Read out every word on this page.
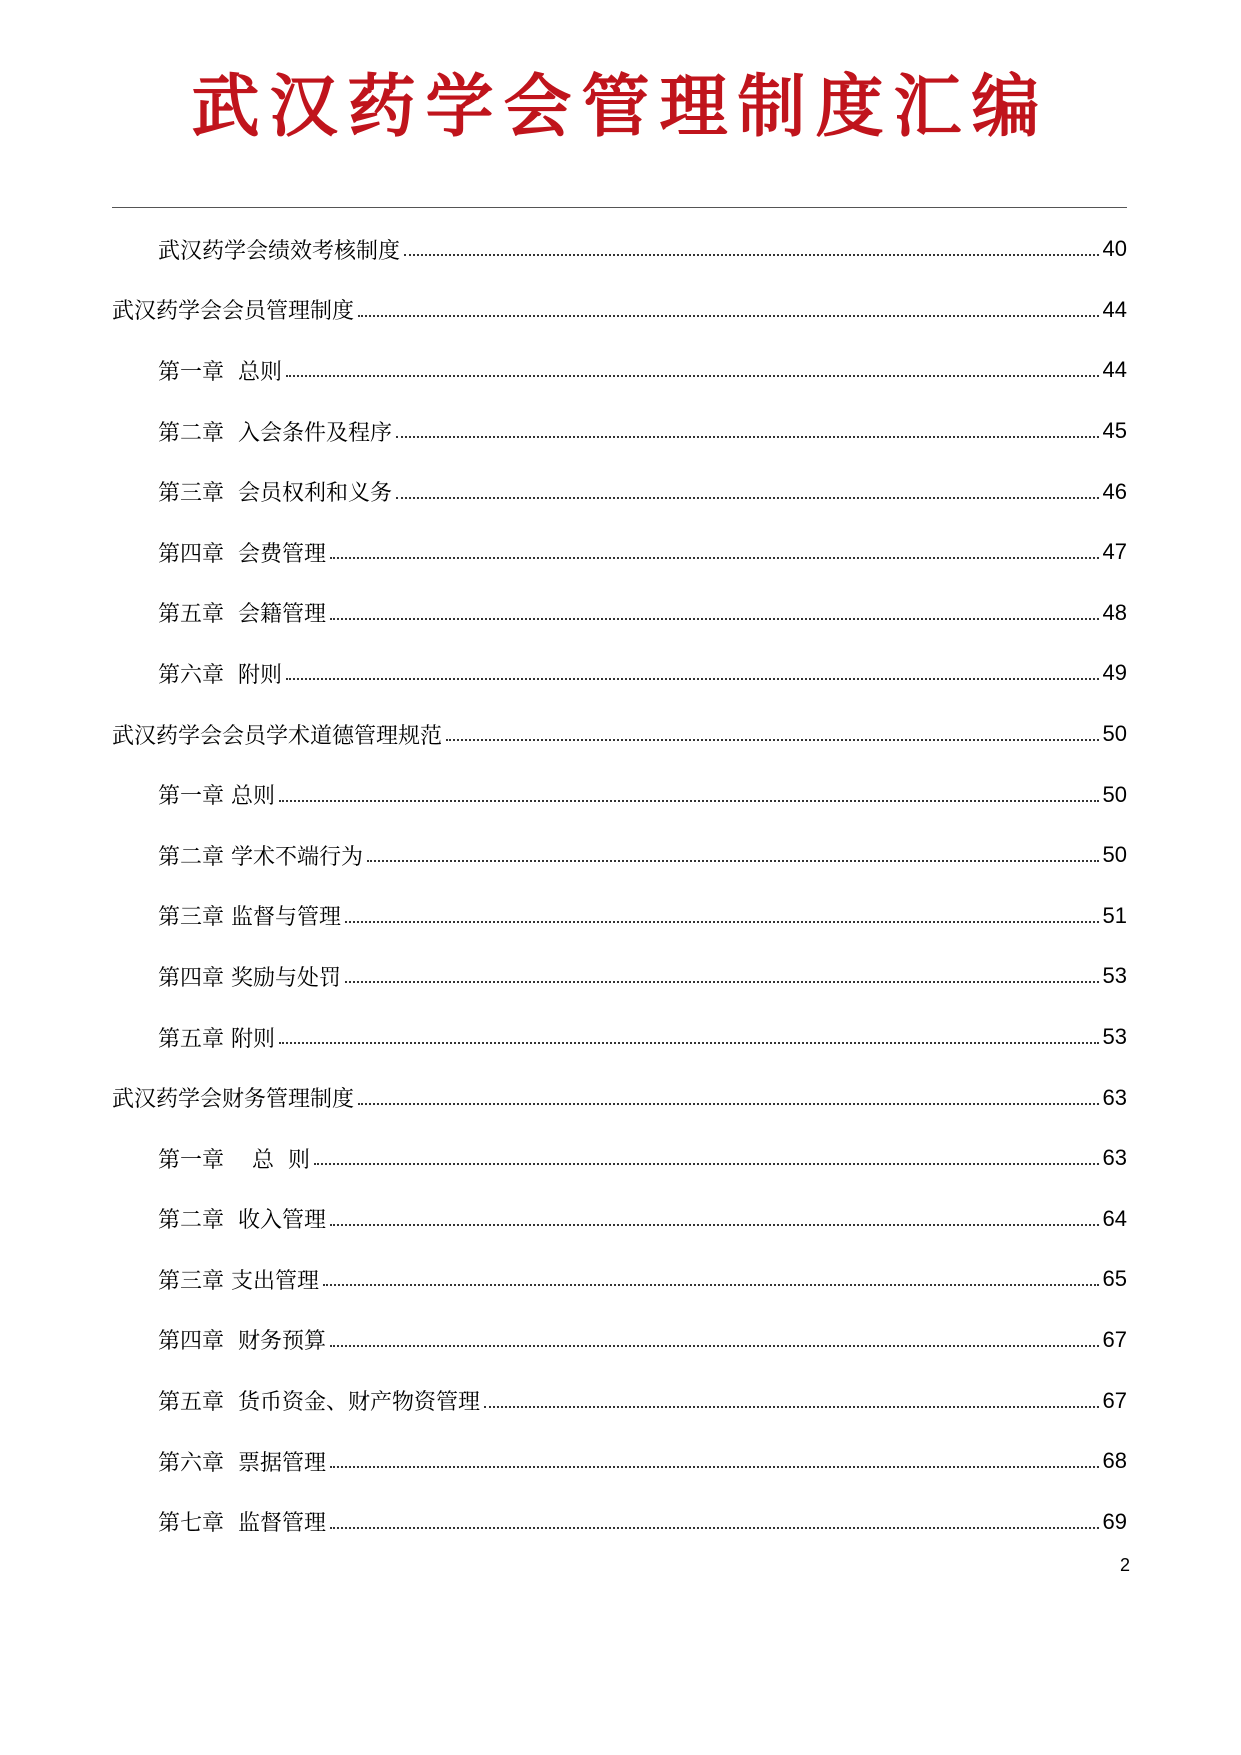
武汉药学会管理制度汇编
武汉药学会绩效考核制度	40
武汉药学会会员管理制度	44
第一章  总则	44
第二章  入会条件及程序	45
第三章  会员权利和义务	46
第四章  会费管理	47
第五章  会籍管理	48
第六章  附则	49
武汉药学会会员学术道德管理规范	50
第一章 总则	50
第二章 学术不端行为	50
第三章 监督与管理	51
第四章 奖励与处罚	53
第五章 附则	53
武汉药学会财务管理制度	63
第一章    总  则	63
第二章  收入管理	64
第三章 支出管理	65
第四章  财务预算	67
第五章  货币资金、财产物资管理	67
第六章  票据管理	68
第七章  监督管理	69
2
